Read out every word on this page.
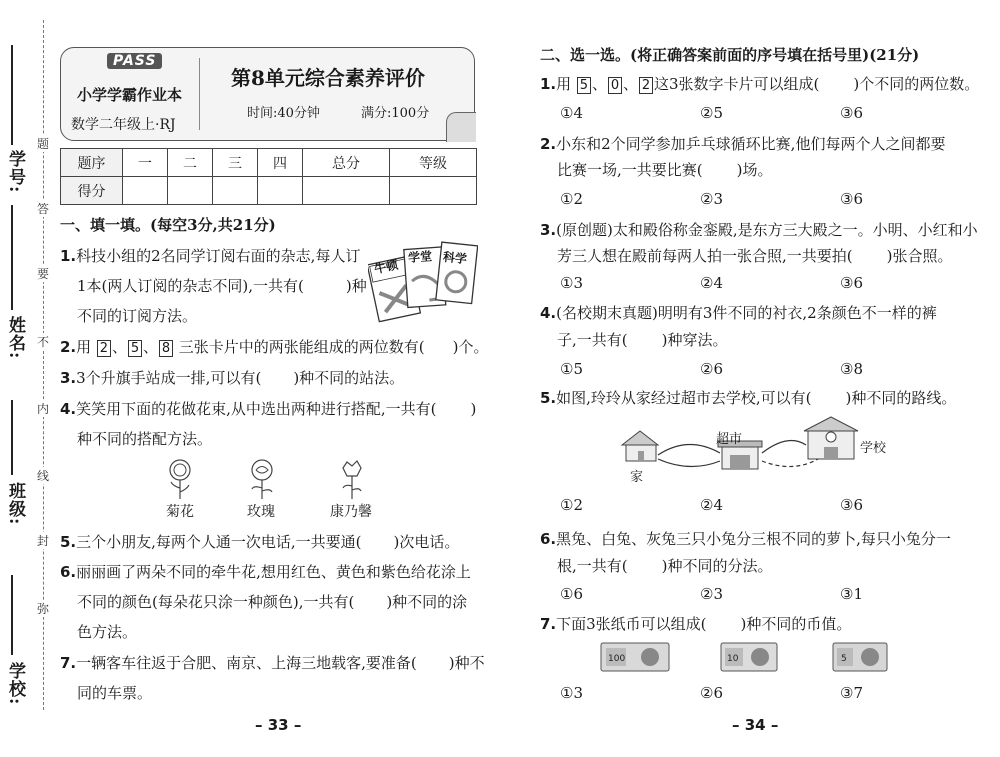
学校:
班级:
姓名:
学号:
题
答
要
不
内
线
封
弥
PASS
小学学霸作业本
数学二年级上·RJ
第8单元综合素养评价
时间:40分钟	满分:100分
题序	一	二	三	四	总分	等级
得分						
一、填一填。(每空3分,共21分)
1.科技小组的2名同学订阅右面的杂志,每人订
1本(两人订阅的杂志不同),一共有(	)种
不同的订阅方法。
牛顿
学堂 科学
2.用 2 、 5 、 8 三张卡片中的两张能组成的两位数有( )个。
3.3个升旗手站成一排,可以有( )种不同的站法。
4.笑笑用下面的花做花束,从中选出两种进行搭配,一共有( )
种不同的搭配方法。
菊花	玫瑰	康乃馨
5.三个小朋友,每两个人通一次电话,一共要通( )次电话。
6.丽丽画了两朵不同的牵牛花,想用红色、黄色和紫色给花涂上
不同的颜色(每朵花只涂一种颜色),一共有( )种不同的涂
色方法。
7.一辆客车往返于合肥、南京、上海三地载客,要准备( )种不
同的车票。
– 33 –
二、选一选。(将正确答案前面的序号填在括号里)(21分)
1.用 5 、 0 、 2 这3张数字卡片可以组成( )个不同的两位数。
①4	②5	③6
2.小东和2个同学参加乒乓球循环比赛,他们每两个人之间都要
比赛一场,一共要比赛( )场。
①2	②3	③6
3.(原创题)太和殿俗称金銮殿,是东方三大殿之一。小明、小红和小
芳三人想在殿前每两人拍一张合照,一共要拍( )张合照。
①3	②4	③6
4.(名校期末真题)明明有3件不同的衬衣,2条颜色不一样的裤
子,一共有( )种穿法。
①5	②6	③8
5.如图,玲玲从家经过超市去学校,可以有( )种不同的路线。
超市
家
学校
①2	②4	③6
6.黑兔、白兔、灰兔三只小兔分三根不同的萝卜,每只小兔分一
根,一共有( )种不同的分法。
①6	②3	③1
7.下面3张纸币可以组成( )种不同的币值。
100	10	5
①3	②6	③7
– 34 –
